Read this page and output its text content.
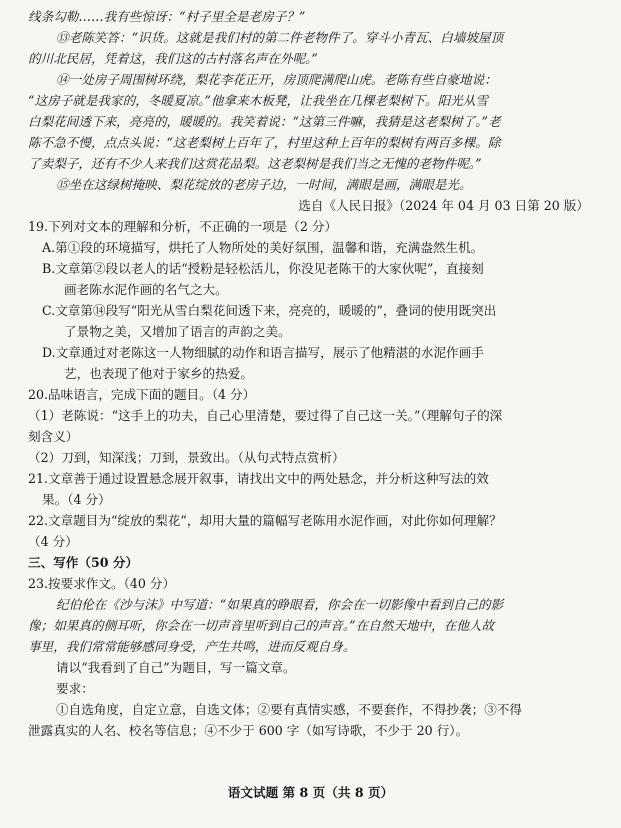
线条勾勒……我有些惊讶：“村子里全是老房子？”
⑬老陈笑答：“识货。这就是我们村的第二件老物件了。穿斗小青瓦、白墙坡屋顶
的川北民居，凭着这，我们这的古村落名声在外呢。”
⑭一处房子周围树环绕，梨花李花正开，房顶爬满爬山虎。老陈有些自豪地说：
“这房子就是我家的，冬暖夏凉。”他拿来木板凳，让我坐在几棵老梨树下。阳光从雪
白梨花间透下来，亮亮的，暖暖的。我笑着说：“这第三件嘛，我猜是这老梨树了。”老
陈不急不慢，点点头说：“这老梨树上百年了，村里这种上百年的梨树有两百多棵。除
了卖梨子，还有不少人来我们这赏花品梨。这老梨树是我们当之无愧的老物件呢。”
⑮坐在这绿树掩映、梨花绽放的老房子边，一时间，满眼是画，满眼是光。
选自《人民日报》（2024 年 04 月 03 日第 20 版）
19.下列对文本的理解和分析，不正确的一项是（2 分）
A.第①段的环境描写，烘托了人物所处的美好氛围，温馨和谐，充满盎然生机。
B.文章第②段以老人的话“授粉是轻松活儿，你没见老陈干的大家伙呢”，直接刻
画老陈水泥作画的名气之大。
C.文章第⑭段写“阳光从雪白梨花间透下来，亮亮的，暖暖的”，叠词的使用既突出
了景物之美，又增加了语言的声韵之美。
D.文章通过对老陈这一人物细腻的动作和语言描写，展示了他精湛的水泥作画手
艺，也表现了他对于家乡的热爱。
20.品味语言，完成下面的题目。（4 分）
（1）老陈说：“这手上的功夫，自己心里清楚，要过得了自己这一关。”（理解句子的深
刻含义）
（2）刀到，知深浅；刀到，景致出。（从句式特点赏析）
21.文章善于通过设置悬念展开叙事，请找出文中的两处悬念，并分析这种写法的效
果。（4 分）
22.文章题目为“绽放的梨花”，却用大量的篇幅写老陈用水泥作画，对此你如何理解？
（4 分）
三、写作（50 分）
23.按要求作文。（40 分）
纪伯伦在《沙与沫》中写道：“如果真的睁眼看，你会在一切影像中看到自己的影
像；如果真的侧耳听，你会在一切声音里听到自己的声音。”在自然天地中，在他人故
事里，我们常常能够感同身受，产生共鸣，进而反观自身。
请以“我看到了自己”为题目，写一篇文章。
要求：
①自选角度，自定立意，自选文体；②要有真情实感，不要套作，不得抄袭；③不得
泄露真实的人名、校名等信息；④不少于 600 字（如写诗歌，不少于 20 行）。
语文试题 第 8 页（共 8 页）
